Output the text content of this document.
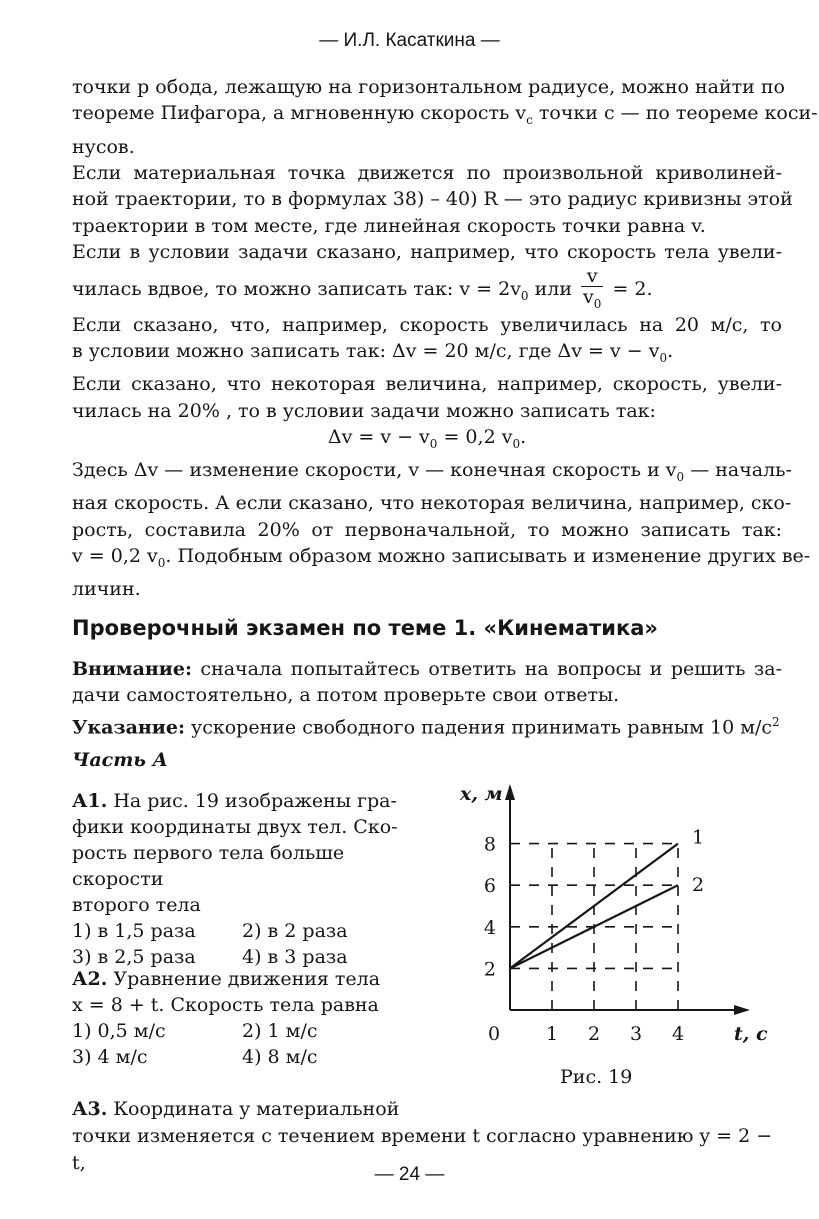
— И.Л. Касаткина —
точки p обода, лежащую на горизонтальном радиусе, можно найти по
теореме Пифагора, а мгновенную скорость $v_c$ точки c — по теореме коси-
нусов.
Если материальная точка движется по произвольной криволиней-
ной траектории, то в формулах 38) – 40) R — это радиус кривизны этой
траектории в том месте, где линейная скорость точки равна v.
Если в условии задачи сказано, например, что скорость тела увели-
чилась вдвое, то можно записать так: $v = 2v_0$ или $\frac{v}{v_0} = 2$.
Если сказано, что, например, скорость увеличилась на 20 м/с, то
в условии можно записать так: Δv = 20 м/с, где $\Delta v = v - v_0$.
Если сказано, что некоторая величина, например, скорость, увели-
чилась на 20% , то в условии задачи можно записать так:
$\Delta v = v - v_0 = 0,2$ $v_0$.
Здесь Δv — изменение скорости, v — конечная скорость и $v_0$ — началь-
ная скорость. А если сказано, что некоторая величина, например, ско-
рость, составила 20% от первоначальной, то можно записать так:
v = 0,2 $v_0$. Подобным образом можно записывать и изменение других ве-
личин.
Проверочный экзамен по теме 1. «Кинематика»
Внимание: сначала попытайтесь ответить на вопросы и решить за-
дачи самостоятельно, а потом проверьте свои ответы.
Указание: ускорение свободного падения принимать равным 10 $м/с^2$
Часть А
А1. На рис. 19 изображены гра-
фики координаты двух тел. Ско-
рость первого тела больше скорости
второго тела
1) в 1,5 раза	2) в 2 раза
3) в 2,5 раза	4) в 3 раза
А2. Уравнение движения тела
x = 8 + t. Скорость тела равна
1) 0,5 м/с	2) 1 м/с
3) 4 м/с	4) 8 м/с
2
4
6
8
0 1 2 3 4
x, м
t, c
1
2
Рис. 19
А3. Координата y материальной
точки изменяется с течением времени t согласно уравнению y = 2 − t,
— 24 —
